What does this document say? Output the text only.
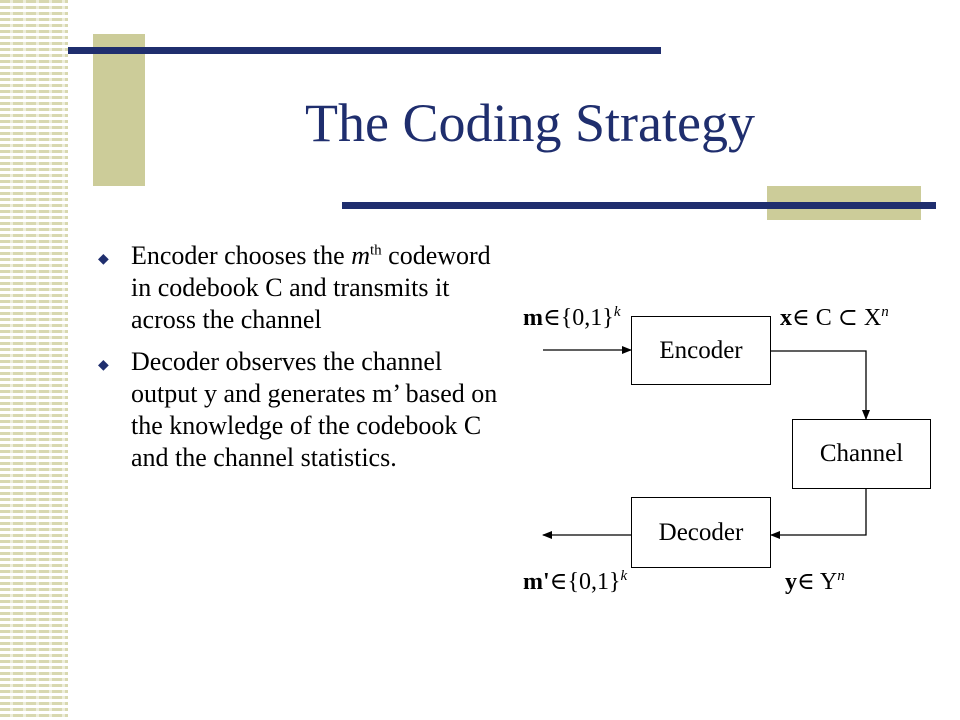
The Coding Strategy
◆ Encoder chooses the $m^{th}$ codeword in codebook C and transmits it across the channel
◆ Decoder observes the channel output y and generates m’ based on the knowledge of the codebook C and the channel statistics.
Encoder
Channel
Decoder
$m\in\{0,1\}^k$	x∈ C ⊂ $X^n$
$m'\in\{0,1\}^k$	y∈ $Y^n$
